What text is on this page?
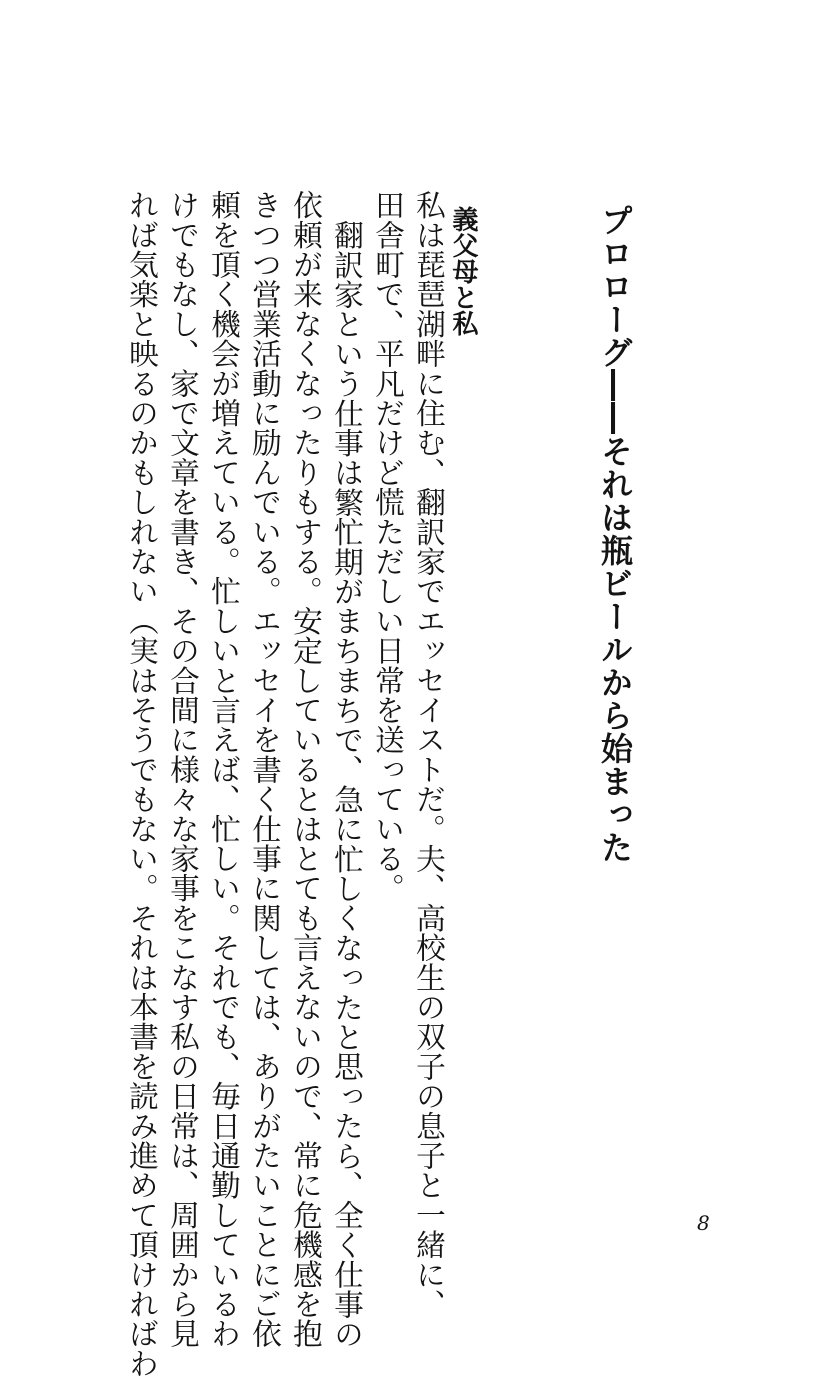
プロローグ――それは瓶ビールから始まった
義父母と私
私は琵琶湖畔に住む、翻訳家でエッセイストだ。夫、高校生の双子の息子と一緒に、
田舎町で、平凡だけど慌ただしい日常を送っている。
翻訳家という仕事は繁忙期がまちまちで、急に忙しくなったと思ったら、全く仕事の
依頼が来なくなったりもする。安定しているとはとても言えないので、常に危機感を抱
きつつ営業活動に励んでいる。エッセイを書く仕事に関しては、ありがたいことにご依
頼を頂く機会が増えている。忙しいと言えば、忙しい。それでも、毎日通勤しているわ
けでもなし、家で文章を書き、その合間に様々な家事をこなす私の日常は、周囲から見
れば気楽と映るのかもしれない（実はそうでもない。それは本書を読み進めて頂ければわ	8
